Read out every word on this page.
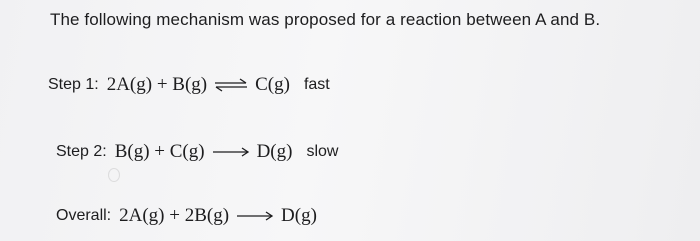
The following mechanism was proposed for a reaction between A and B.
Step 1: 2A(g) + B(g) ⇌ C(g) fast
Step 2: B(g) + C(g)	D(g) slow
Overall: 2A(g) + 2B(g)	D(g)
